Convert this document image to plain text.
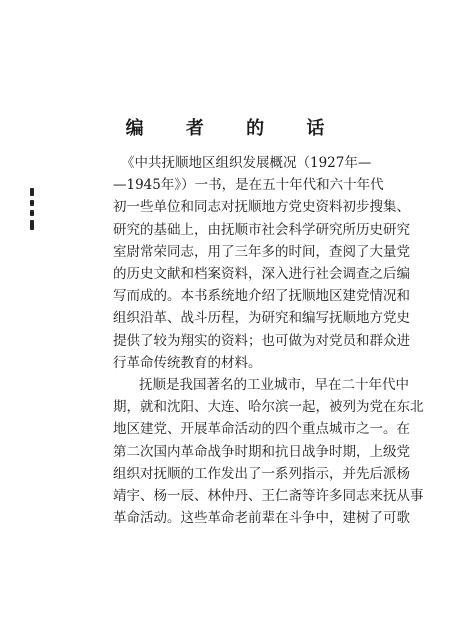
编 者 的 话
《中共抚顺地区组织发展概况（1927年—
—1945年》）一书，是在五十年代和六十年代
初一些单位和同志对抚顺地方党史资料初步搜集、
研究的基础上，由抚顺市社会科学研究所历史研究
室尉常荣同志，用了三年多的时间，查阅了大量党
的历史文献和档案资料，深入进行社会调查之后编
写而成的。本书系统地介绍了抚顺地区建党情况和
组织沿革、战斗历程，为研究和编写抚顺地方党史
提供了较为翔实的资料；也可做为对党员和群众进
行革命传统教育的材料。
抚顺是我国著名的工业城市，早在二十年代中
期，就和沈阳、大连、哈尔滨一起，被列为党在东北
地区建党、开展革命活动的四个重点城市之一。在
第二次国内革命战争时期和抗日战争时期，上级党
组织对抚顺的工作发出了一系列指示，并先后派杨
靖宇、杨一辰、林仲丹、王仁斋等许多同志来抚从事
革命活动。这些革命老前辈在斗争中，建树了可歌
